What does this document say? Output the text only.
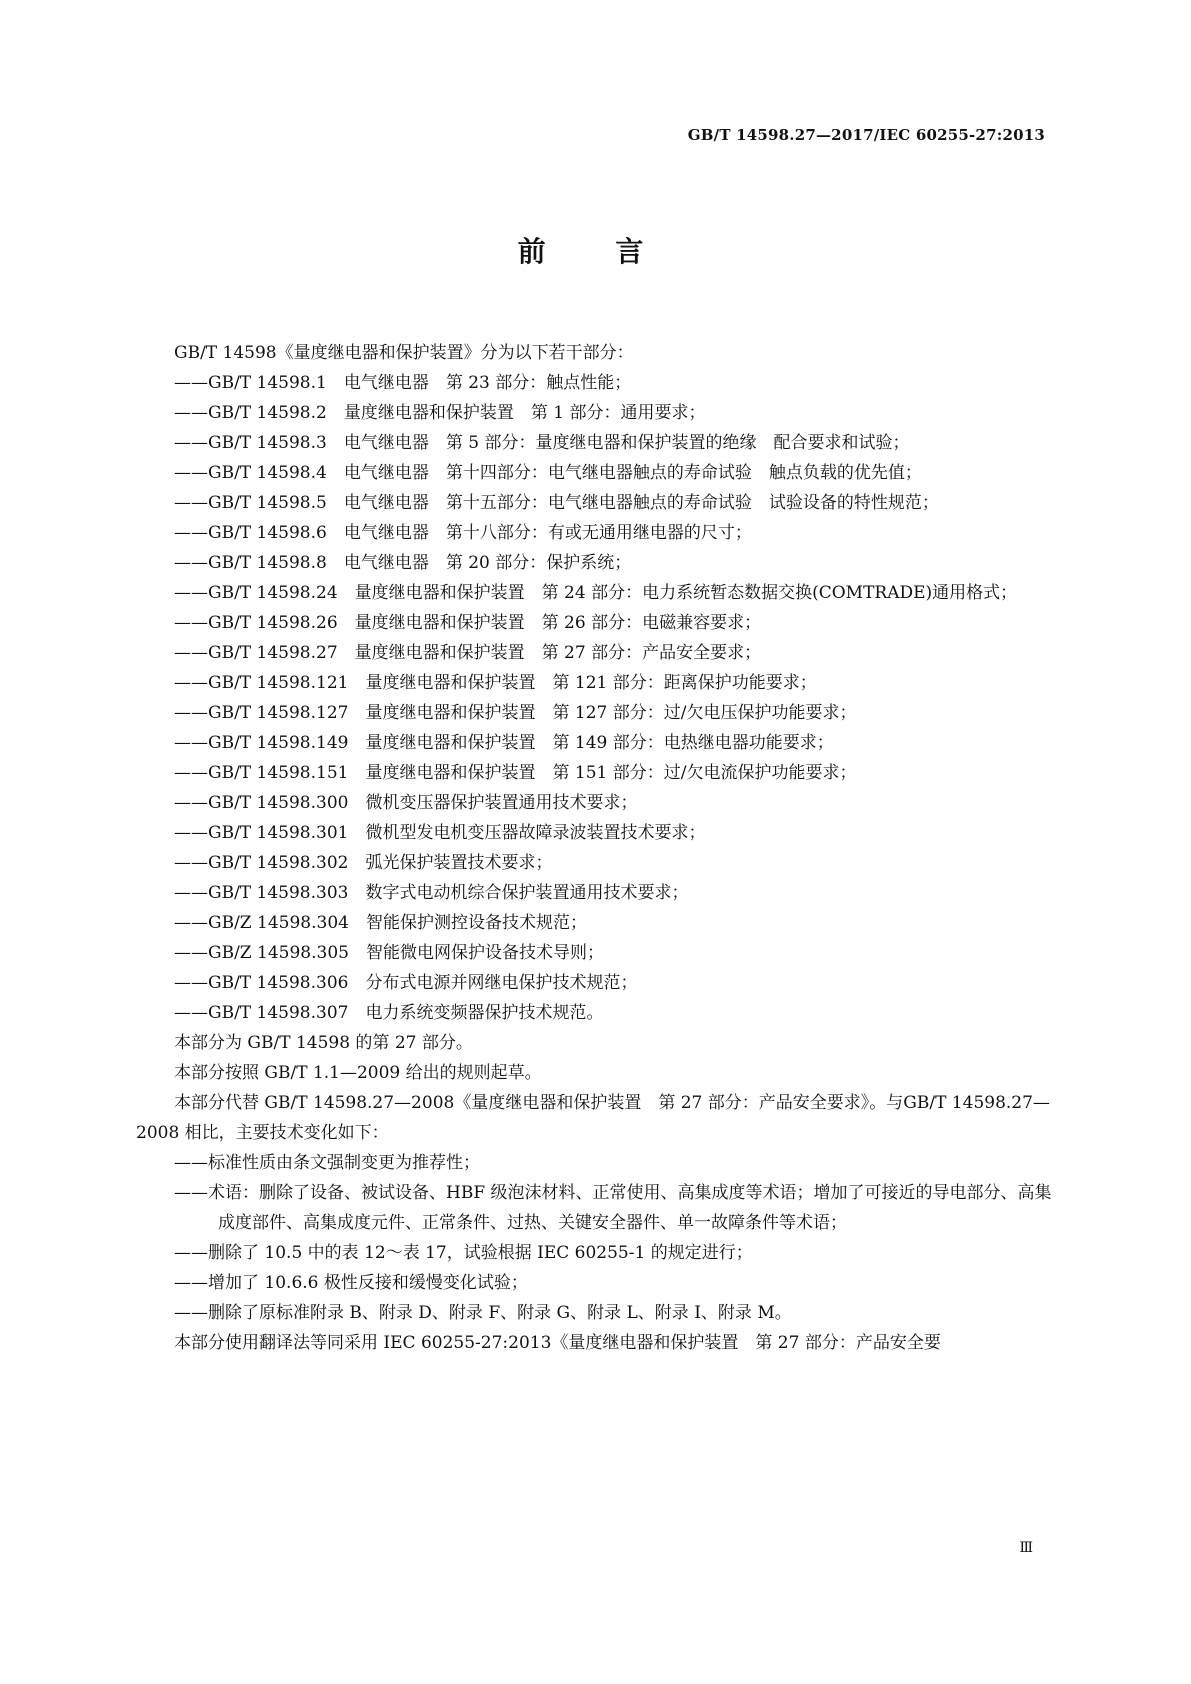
GB/T 14598.27—2017/IEC 60255-27:2013
前 言

GB/T 14598《量度继电器和保护装置》分为以下若干部分：

——GB/T 14598.1　电气继电器　第 23 部分：触点性能；

——GB/T 14598.2　量度继电器和保护装置　第 1 部分：通用要求；

——GB/T 14598.3　电气继电器　第 5 部分：量度继电器和保护装置的绝缘　配合要求和试验；

——GB/T 14598.4　电气继电器　第十四部分：电气继电器触点的寿命试验　触点负载的优先值；

——GB/T 14598.5　电气继电器　第十五部分：电气继电器触点的寿命试验　试验设备的特性规范；

——GB/T 14598.6　电气继电器　第十八部分：有或无通用继电器的尺寸；

——GB/T 14598.8　电气继电器　第 20 部分：保护系统；

——GB/T 14598.24　量度继电器和保护装置　第 24 部分：电力系统暂态数据交换(COMTRADE)通用格式；

——GB/T 14598.26　量度继电器和保护装置　第 26 部分：电磁兼容要求；

——GB/T 14598.27　量度继电器和保护装置　第 27 部分：产品安全要求；

——GB/T 14598.121　量度继电器和保护装置　第 121 部分：距离保护功能要求；

——GB/T 14598.127　量度继电器和保护装置　第 127 部分：过/欠电压保护功能要求；

——GB/T 14598.149　量度继电器和保护装置　第 149 部分：电热继电器功能要求；

——GB/T 14598.151　量度继电器和保护装置　第 151 部分：过/欠电流保护功能要求；

——GB/T 14598.300　微机变压器保护装置通用技术要求；

——GB/T 14598.301　微机型发电机变压器故障录波装置技术要求；

——GB/T 14598.302　弧光保护装置技术要求；

——GB/T 14598.303　数字式电动机综合保护装置通用技术要求；

——GB/Z 14598.304　智能保护测控设备技术规范；

——GB/Z 14598.305　智能微电网保护设备技术导则；

——GB/T 14598.306　分布式电源并网继电保护技术规范；

——GB/T 14598.307　电力系统变频器保护技术规范。

本部分为 GB/T 14598 的第 27 部分。

本部分按照 GB/T 1.1—2009 给出的规则起草。

本部分代替 GB/T 14598.27—2008《量度继电器和保护装置　第 27 部分：产品安全要求》。与GB/T 14598.27—2008 相比，主要技术变化如下：

——标准性质由条文强制变更为推荐性；

——术语：删除了设备、被试设备、HBF 级泡沫材料、正常使用、高集成度等术语；增加了可接近的导电部分、高集成度部件、高集成度元件、正常条件、过热、关键安全器件、单一故障条件等术语；

——删除了 10.5 中的表 12～表 17，试验根据 IEC 60255-1 的规定进行；

——增加了 10.6.6 极性反接和缓慢变化试验；

——删除了原标准附录 B、附录 D、附录 F、附录 G、附录 L、附录 I、附录 M。

本部分使用翻译法等同采用 IEC 60255-27:2013《量度继电器和保护装置　第 27 部分：产品安全要

Ⅲ
